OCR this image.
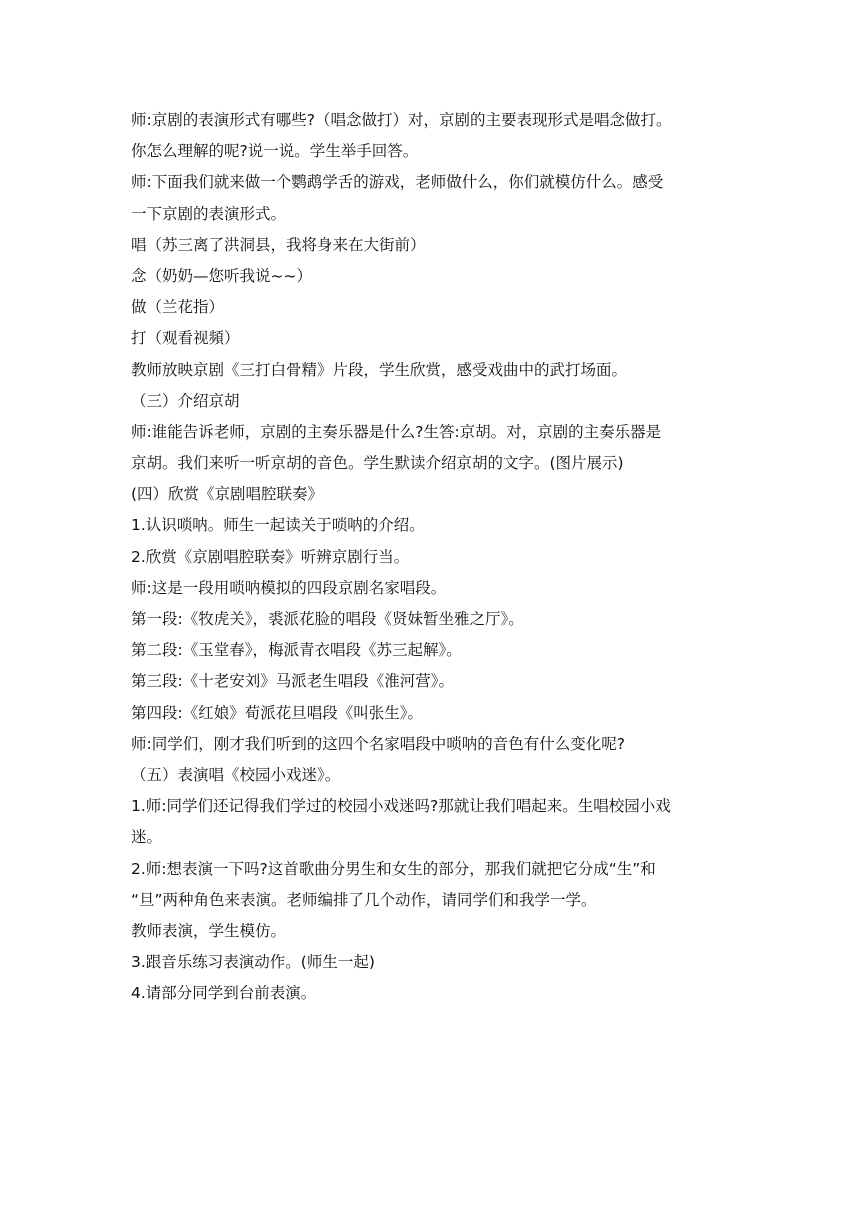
师:京剧的表演形式有哪些?（唱念做打）对，京剧的主要表现形式是唱念做打。
你怎么理解的呢?说一说。学生举手回答。
师:下面我们就来做一个鹦鹉学舌的游戏，老师做什么，你们就模仿什么。感受
一下京剧的表演形式。
唱（苏三离了洪洞县，我将身来在大街前）
念（奶奶—您听我说~~）
做（兰花指）
打（观看视頻）
教师放映京剧《三打白骨精》片段，学生欣赏，感受戏曲中的武打场面。
（三）介绍京胡
师:谁能告诉老师，京剧的主奏乐器是什么?生答:京胡。对，京剧的主奏乐器是
京胡。我们来听一听京胡的音色。学生默读介绍京胡的文字。(图片展示)
(四）欣赏《京剧唱腔联奏》
1.认识唢呐。师生一起读关于唢呐的介绍。
2.欣赏《京剧唱腔联奏》听辨京剧行当。
师:这是一段用唢呐模拟的四段京剧名家唱段。
第一段:《牧虎关》，裘派花脸的唱段《贤妹暂坐雅之厅》。
第二段:《玉堂春》，梅派青衣唱段《苏三起解》。
第三段:《十老安刘》马派老生唱段《淮河营》。
第四段:《红娘》荀派花旦唱段《叫张生》。
师:同学们，刚才我们听到的这四个名家唱段中唢呐的音色有什么变化呢?
（五）表演唱《校园小戏迷》。
1.师:同学们还记得我们学过的校园小戏迷吗?那就让我们唱起来。生唱校园小戏
迷。
2.师:想表演一下吗?这首歌曲分男生和女生的部分，那我们就把它分成“生”和
“旦”两种角色来表演。老师编排了几个动作，请同学们和我学一学。
教师表演，学生模仿。
3.跟音乐练习表演动作。(师生一起)
4.请部分同学到台前表演。
